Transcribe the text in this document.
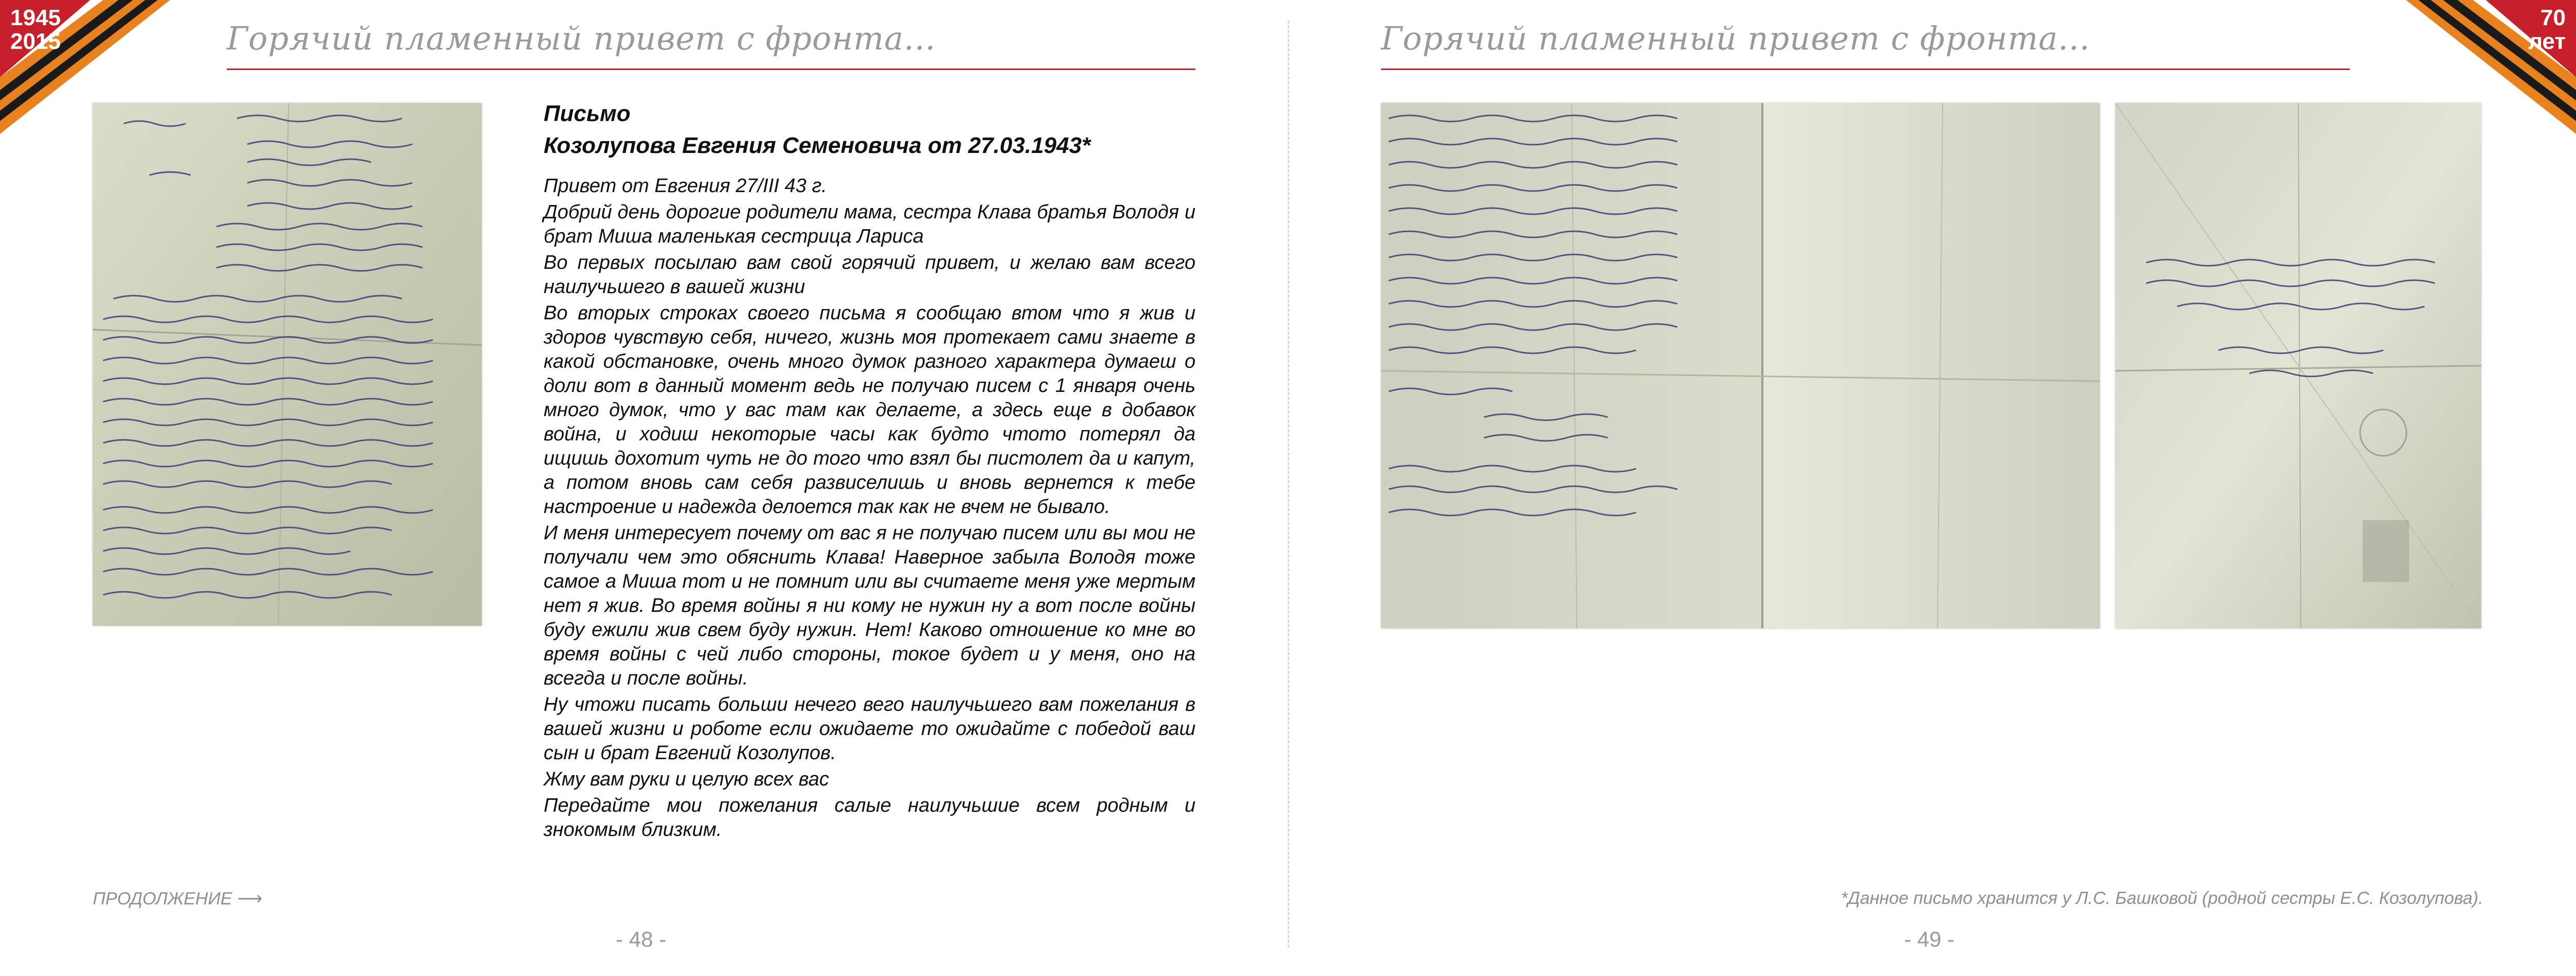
1945
2015	Горячий пламенный привет с фронта...
Письмо
Козолупова Евгения Семеновича от 27.03.1943*

Привет от Евгения 27/III 43 г.

Добрий день дорогие родители мама, сестра Клава братья Володя и брат Миша маленькая сестрица Лариса

Во первых посылаю вам свой горячий привет, и желаю вам всего наилучьшего в вашей жизни

Во вторых строках своего письма я сообщаю втом что я жив и здоров чувствую себя, ничего, жизнь моя протекает сами знаете в какой обстановке, очень много думок разного характера думаеш о доли вот в данный момент ведь не получаю писем с 1 января очень много думок, что у вас там как делаете, а здесь еще в добавок война, и ходиш некоторые часы как будто чтото потерял да ищишь дохотит чуть не до того что взял бы пистолет да и капут, а потом вновь сам себя развиселишь и вновь вернется к тебе настроение и надежда делоется так как не вчем не бывало.

И меня интересует почему от вас я не получаю писем или вы мои не получали чем это обяснить Клава! Наверное забыла Володя тоже самое а Миша тот и не помнит или вы считаете меня уже мертым нет я жив. Во время войны я ни кому не нужин ну а вот после войны буду ежили жив свем буду нужин. Нет! Каково отношение ко мне во время войны с чей либо стороны, токое будет и у меня, оно на всегда и после войны.

Ну чтожи писать больши нечего вего наилучьшего вам пожелания в вашей жизни и роботе если ожидаете то ожидайте с победой ваш сын и брат Евгений Козолупов.

Жму вам руки и целую всех вас

Передайте мои пожелания салые наилучьшие всем родным и знокомым близким.

ПРОДОЛЖЕНИЕ ⟶
- 48 -
Горячий пламенный привет с фронта...
70
лет
*Данное письмо хранится у Л.С. Башковой (родной сестры Е.С. Козолупова).
- 49 -
